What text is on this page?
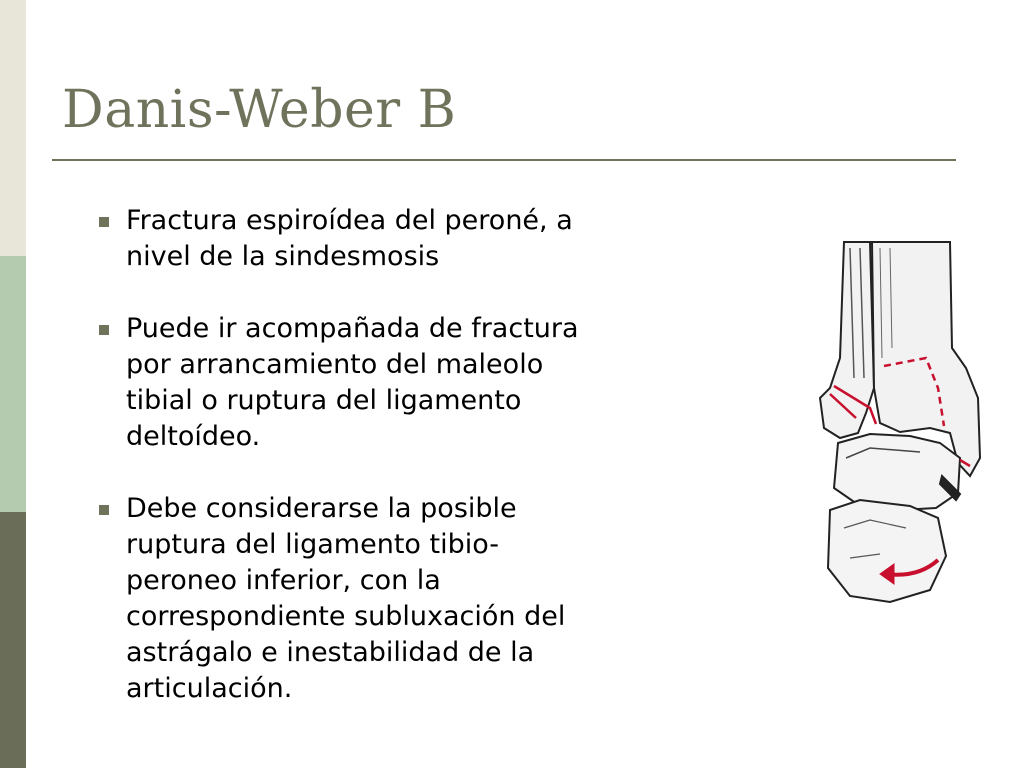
Danis-Weber B
Fractura espiroídea del peroné, a
nivel de la sindesmosis
Puede ir acompañada de fractura
por arrancamiento del maleolo
tibial o ruptura del ligamento
deltoídeo.
Debe considerarse la posible
ruptura del ligamento tibio-
peroneo inferior, con la
correspondiente subluxación del
astrágalo e inestabilidad de la
articulación.
